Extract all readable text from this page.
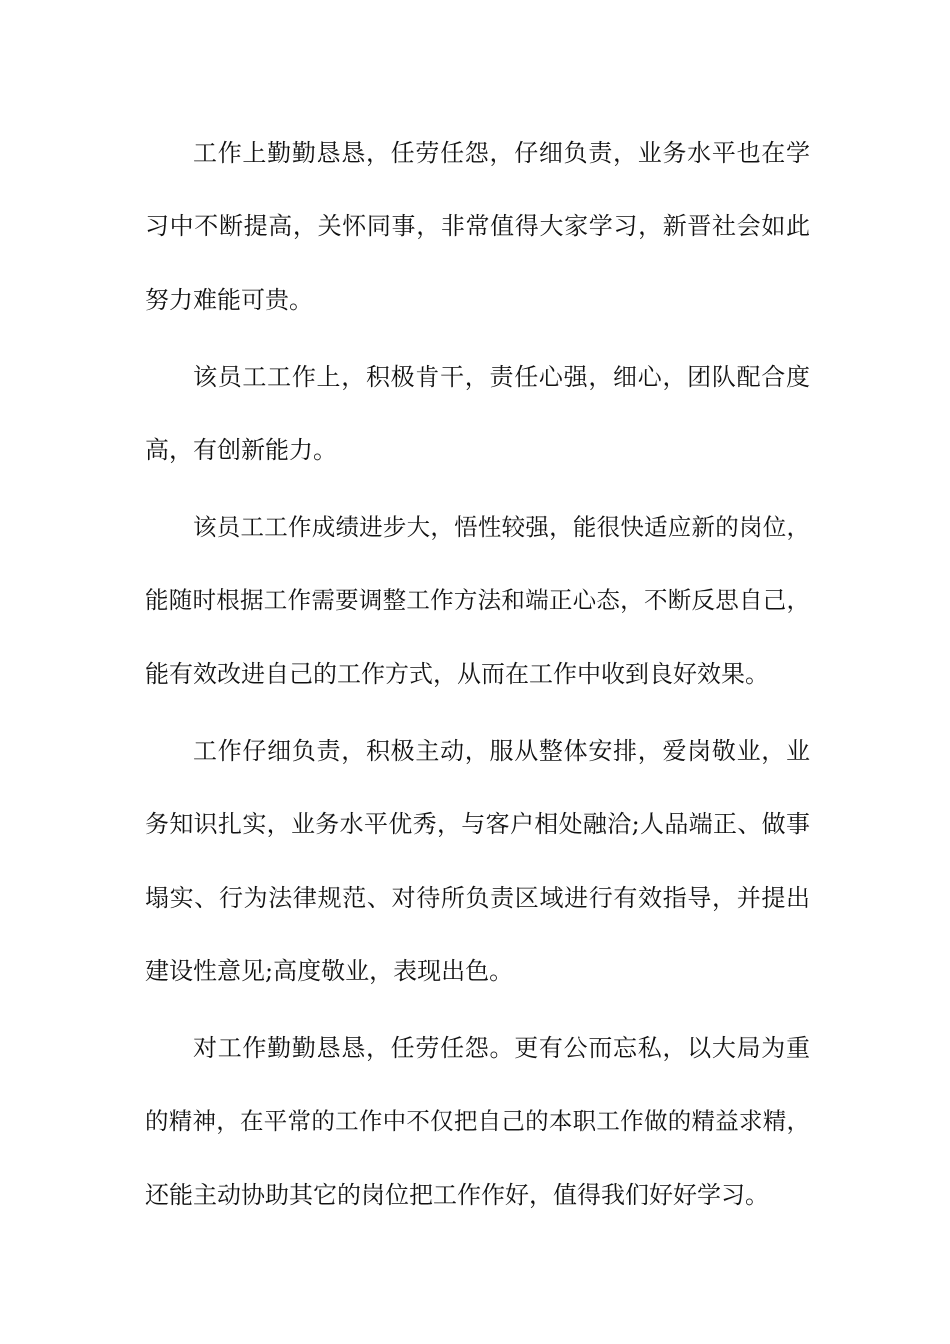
工作上勤勤恳恳，任劳任怨，仔细负责，业务水平也在学

习中不断提高，关怀同事，非常值得大家学习，新晋社会如此

努力难能可贵。

该员工工作上，积极肯干，责任心强，细心，团队配合度

高，有创新能力。

该员工工作成绩进步大，悟性较强，能很快适应新的岗位，

能随时根据工作需要调整工作方法和端正心态，不断反思自己，

能有效改进自己的工作方式，从而在工作中收到良好效果。

工作仔细负责，积极主动，服从整体安排，爱岗敬业，业

务知识扎实，业务水平优秀，与客户相处融洽;人品端正、做事

塌实、行为法律规范、对待所负责区域进行有效指导，并提出

建设性意见;高度敬业，表现出色。

对工作勤勤恳恳，任劳任怨。更有公而忘私，以大局为重

的精神，在平常的工作中不仅把自己的本职工作做的精益求精，

还能主动协助其它的岗位把工作作好，值得我们好好学习。
